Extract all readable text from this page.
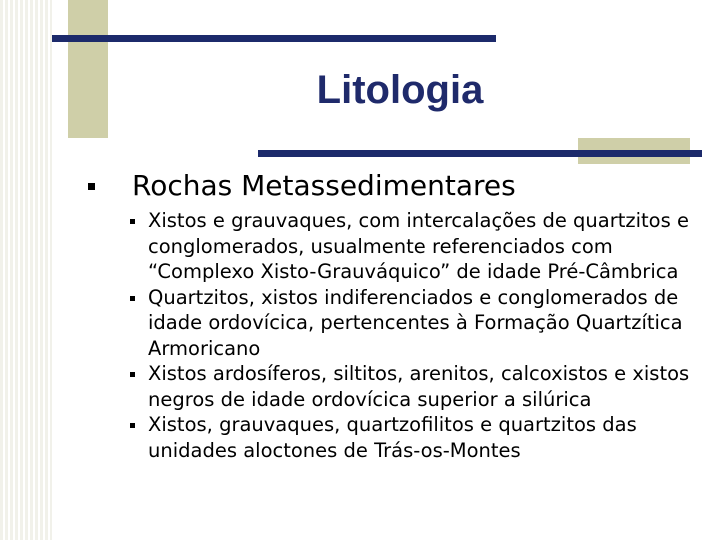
Litologia
Rochas Metassedimentares
Xistos e grauvaques, com intercalações de quartzitos e conglomerados, usualmente referenciados com “Complexo Xisto-Grauváquico” de idade Pré-Câmbrica
Quartzitos, xistos indiferenciados e conglomerados de idade ordovícica, pertencentes à Formação Quartzítica Armoricano
Xistos ardosíferos, siltitos, arenitos, calcoxistos e xistos negros de idade ordovícica superior a silúrica
Xistos, grauvaques, quartzofilitos e quartzitos das unidades aloctones de Trás-os-Montes
